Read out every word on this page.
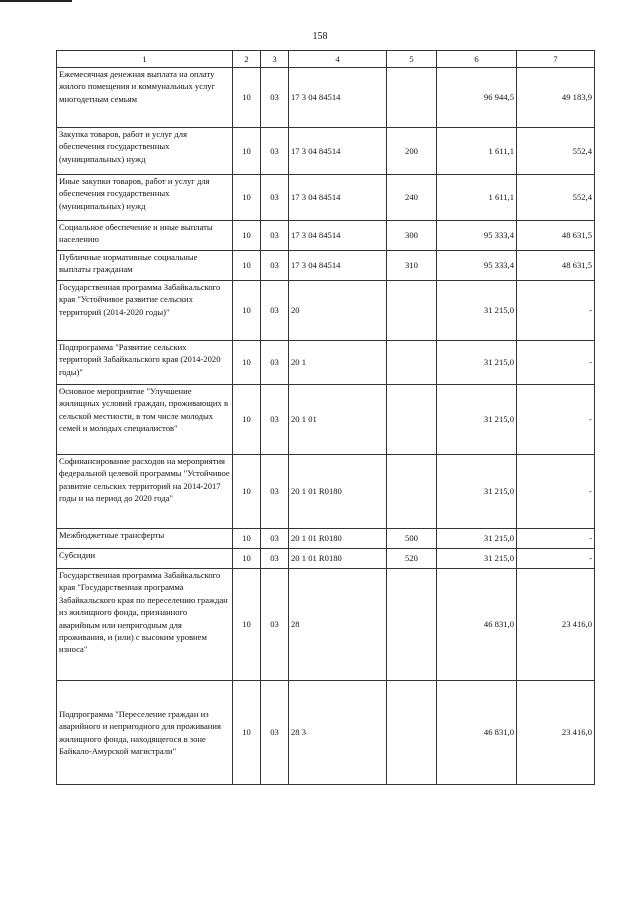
158
1	2	3	4	5	6	7
Ежемесячная денежная выплата на оплату жилого помещения и коммунальных услуг многодетным семьям	10	03	17 3 04 84514		96 944,5	49 183,9
Закупка товаров, работ и услуг для обеспечения государственных (муниципальных) нужд	10	03	17 3 04 84514	200	1 611,1	552,4
Иные закупки товаров, работ и услуг для обеспечения государственных (муниципальных) нужд	10	03	17 3 04 84514	240	1 611,1	552,4
Социальное обеспечение и иные выплаты населению	10	03	17 3 04 84514	300	95 333,4	48 631,5
Публичные нормативные социальные выплаты гражданам	10	03	17 3 04 84514	310	95 333,4	48 631,5
Государственная программа Забайкальского края "Устойчивое развитие сельских территорий (2014-2020 годы)"	10	03	20		31 215,0	-
Подпрограмма "Развитие сельских территорий Забайкальского края (2014-2020 годы)"	10	03	20 1		31 215,0	-
Основное мероприятие "Улучшение жилищных условий граждан, проживающих в сельской местности, в том числе молодых семей и молодых специалистов"	10	03	20 1 01		31 215,0	-
Софинансирование расходов на мероприятия федеральной целевой программы "Устойчивое развитие сельских территорий на 2014-2017 годы и на период до 2020 года"	10	03	20 1 01 R0180		31 215,0	-
Межбюджетные трансферты	10	03	20 1 01 R0180	500	31 215,0	-
Субсидии	10	03	20 1 01 R0180	520	31 215,0	-
Государственная программа Забайкальского края "Государственная программа Забайкальского края по переселению граждан из жилищного фонда, признанного аварийным или непригодным для проживания, и (или) с высоким уровнем износа"	10	03	28		46 831,0	23 416,0
Подпрограмма "Переселение граждан из аварийного и непригодного для проживания жилищного фонда, находящегося в зоне Байкало-Амурской магистрали"	10	03	28 3		46 831,0	23 416,0
